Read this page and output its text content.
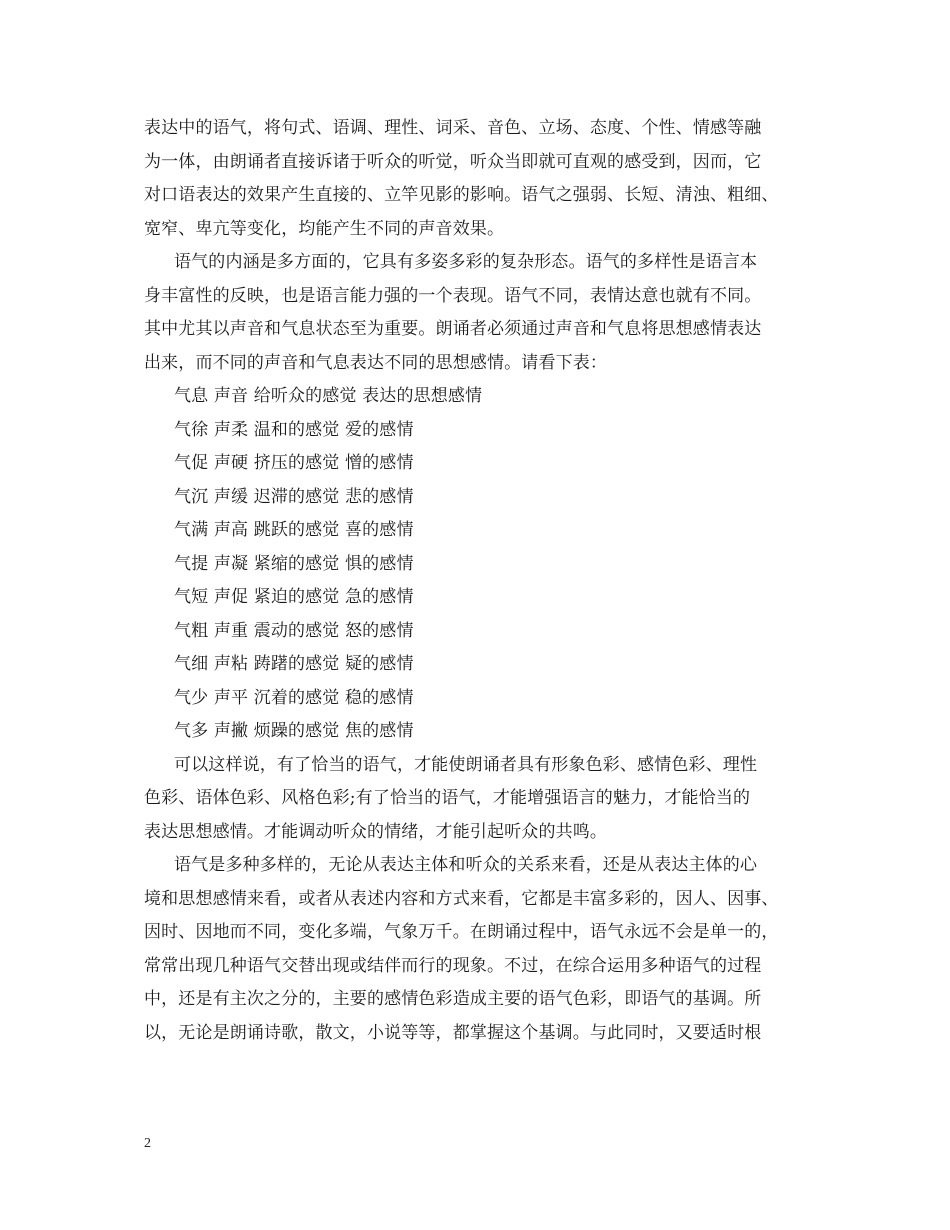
表达中的语气，将句式、语调、理性、词采、音色、立场、态度、个性、情感等融
为一体，由朗诵者直接诉诸于听众的听觉，听众当即就可直观的感受到，因而，它
对口语表达的效果产生直接的、立竿见影的影响。语气之强弱、长短、清浊、粗细、
宽窄、卑亢等变化，均能产生不同的声音效果。
语气的内涵是多方面的，它具有多姿多彩的复杂形态。语气的多样性是语言本
身丰富性的反映，也是语言能力强的一个表现。语气不同，表情达意也就有不同。
其中尤其以声音和气息状态至为重要。朗诵者必须通过声音和气息将思想感情表达
出来，而不同的声音和气息表达不同的思想感情。请看下表：
气息 声音 给听众的感觉 表达的思想感情
气徐 声柔 温和的感觉 爱的感情
气促 声硬 挤压的感觉 憎的感情
气沉 声缓 迟滞的感觉 悲的感情
气满 声高 跳跃的感觉 喜的感情
气提 声凝 紧缩的感觉 惧的感情
气短 声促 紧迫的感觉 急的感情
气粗 声重 震动的感觉 怒的感情
气细 声粘 踌躇的感觉 疑的感情
气少 声平 沉着的感觉 稳的感情
气多 声撇 烦躁的感觉 焦的感情
可以这样说，有了恰当的语气，才能使朗诵者具有形象色彩、感情色彩、理性
色彩、语体色彩、风格色彩;有了恰当的语气，才能增强语言的魅力，才能恰当的
表达思想感情。才能调动听众的情绪，才能引起听众的共鸣。
语气是多种多样的，无论从表达主体和听众的关系来看，还是从表达主体的心
境和思想感情来看，或者从表述内容和方式来看，它都是丰富多彩的，因人、因事、
因时、因地而不同，变化多端，气象万千。在朗诵过程中，语气永远不会是单一的，
常常出现几种语气交替出现或结伴而行的现象。不过，在综合运用多种语气的过程
中，还是有主次之分的，主要的感情色彩造成主要的语气色彩，即语气的基调。所
以，无论是朗诵诗歌，散文，小说等等，都掌握这个基调。与此同时，又要适时根
2
